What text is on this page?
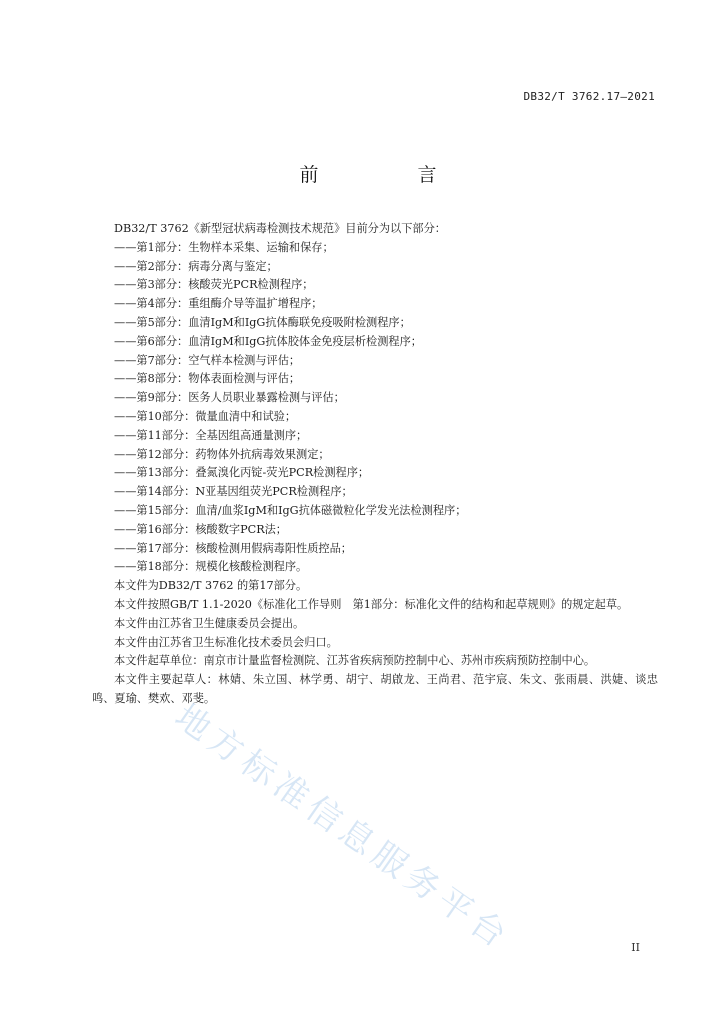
DB32/T 3762.17—2021
前　言

DB32/T 3762《新型冠状病毒检测技术规范》目前分为以下部分：

——第1部分：生物样本采集、运输和保存；
——第2部分：病毒分离与鉴定；
——第3部分：核酸荧光PCR检测程序；
——第4部分：重组酶介导等温扩增程序；
——第5部分：血清IgM和IgG抗体酶联免疫吸附检测程序；
——第6部分：血清IgM和IgG抗体胶体金免疫层析检测程序；
——第7部分：空气样本检测与评估；
——第8部分：物体表面检测与评估；
——第9部分：医务人员职业暴露检测与评估；
——第10部分：微量血清中和试验；
——第11部分：全基因组高通量测序；
——第12部分：药物体外抗病毒效果测定；
——第13部分：叠氮溴化丙锭-荧光PCR检测程序；
——第14部分：N亚基因组荧光PCR检测程序；
——第15部分：血清/血浆IgM和IgG抗体磁微粒化学发光法检测程序；
——第16部分：核酸数字PCR法；
——第17部分：核酸检测用假病毒阳性质控品；
——第18部分：规模化核酸检测程序。

本文件为DB32/T 3762 的第17部分。

本文件按照GB/T 1.1-2020《标准化工作导则　第1部分：标准化文件的结构和起草规则》的规定起草。

本文件由江苏省卫生健康委员会提出。

本文件由江苏省卫生标准化技术委员会归口。

本文件起草单位：南京市计量监督检测院、江苏省疾病预防控制中心、苏州市疾病预防控制中心。

本文件主要起草人：林婧、朱立国、林学勇、胡宁、胡啟龙、王尚君、范宇宸、朱文、张雨晨、洪婕、谈忠鸣、夏瑜、樊欢、邓斐。

地方标准信息服务平台	II
